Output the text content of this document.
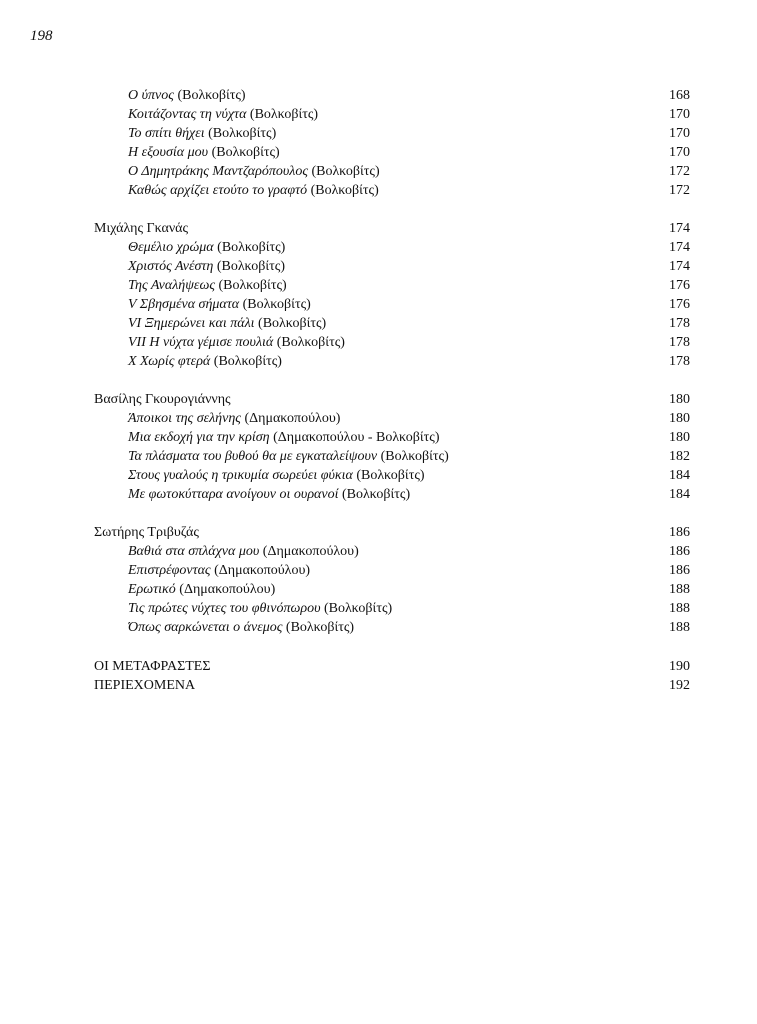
198
Ο ύπνος (Βολκοβίτς)	168
Κοιτάζοντας τη νύχτα (Βολκοβίτς)	170
Το σπίτι θήχει (Βολκοβίτς)	170
Η εξουσία μου (Βολκοβίτς)	170
Ο Δημητράκης Μαντζαρόπουλος (Βολκοβίτς)	172
Καθώς αρχίζει ετούτο το γραφτό (Βολκοβίτς)	172
Μιχάλης Γκανάς	174
Θεμέλιο χρώμα (Βολκοβίτς)	174
Χριστός Ανέστη (Βολκοβίτς)	174
Της Αναλήψεως (Βολκοβίτς)	176
V Σβησμένα σήματα (Βολκοβίτς)	176
VI Ξημερώνει και πάλι (Βολκοβίτς)	178
VII Η νύχτα γέμισε πουλιά (Βολκοβίτς)	178
X Χωρίς φτερά (Βολκοβίτς)	178
Βασίλης Γκουρογιάννης	180
Άποικοι της σελήνης (Δημακοπούλου)	180
Μια εκδοχή για την κρίση (Δημακοπούλου - Βολκοβίτς)	180
Τα πλάσματα του βυθού θα με εγκαταλείψουν (Βολκοβίτς)	182
Στους γυαλούς η τρικυμία σωρεύει φύκια (Βολκοβίτς)	184
Με φωτοκύτταρα ανοίγουν οι ουρανοί (Βολκοβίτς)	184
Σωτήρης Τριβυζάς	186
Βαθιά στα σπλάχνα μου (Δημακοπούλου)	186
Επιστρέφοντας (Δημακοπούλου)	186
Ερωτικό (Δημακοπούλου)	188
Τις πρώτες νύχτες του φθινόπωρου (Βολκοβίτς)	188
Όπως σαρκώνεται ο άνεμος (Βολκοβίτς)	188
ΟΙ ΜΕΤΑΦΡΑΣΤΕΣ	190
ΠΕΡΙΕΧΟΜΕΝΑ	192
